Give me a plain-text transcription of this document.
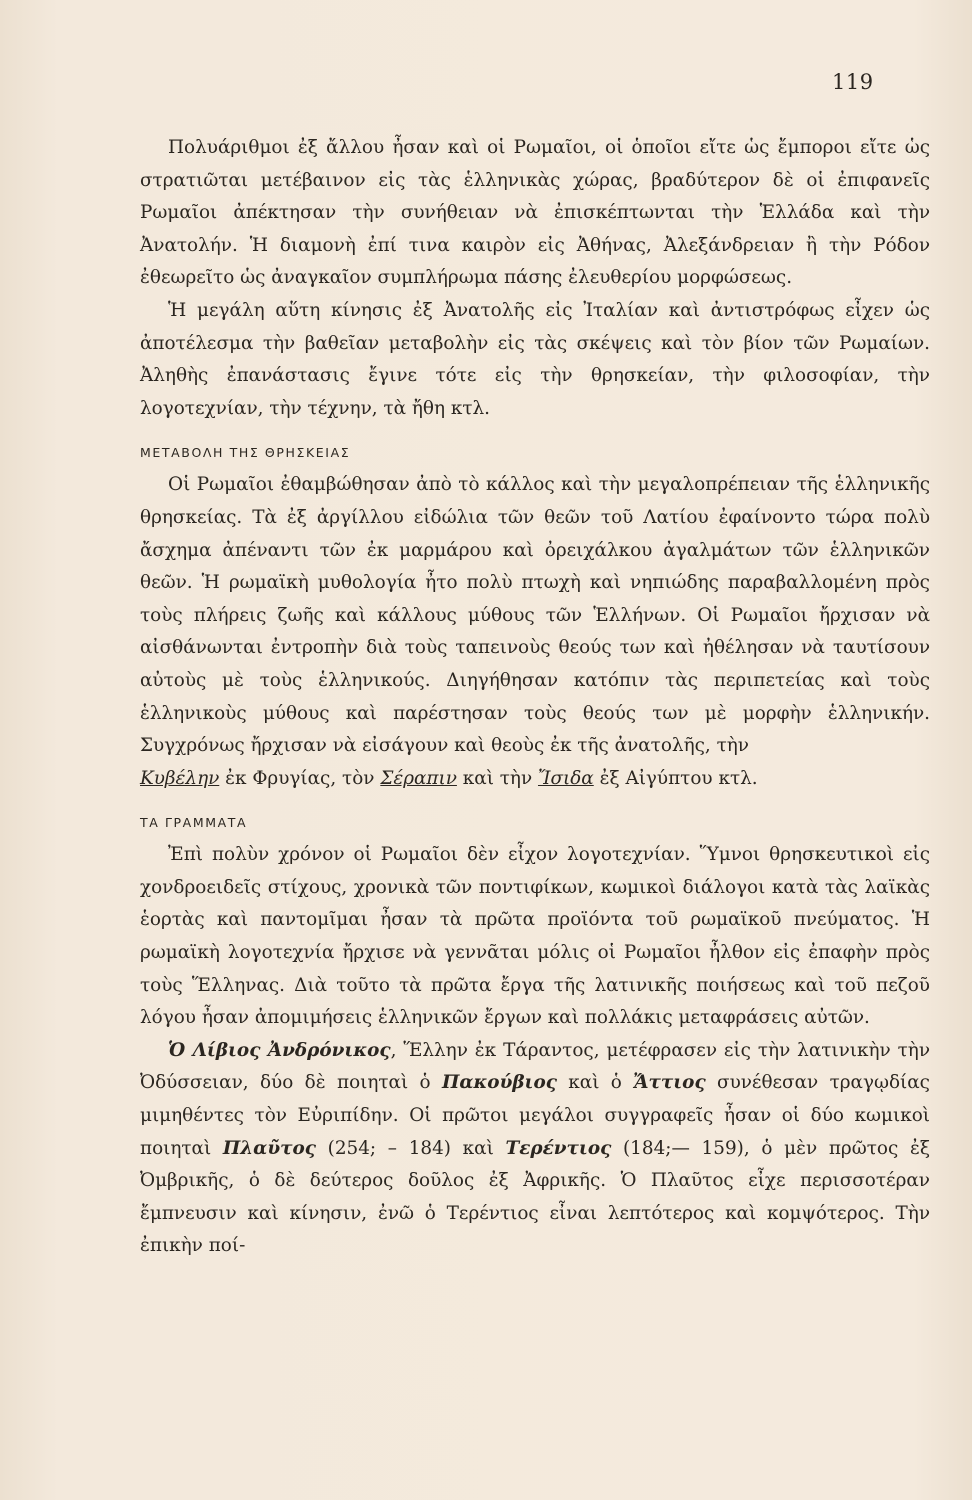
119

Πολυάριθμοι ἐξ ἄλλου ἦσαν καὶ οἱ Ρωμαῖοι, οἱ ὁποῖοι εἴτε ὡς ἔμποροι εἴτε ὡς στρατιῶται μετέβαινον εἰς τὰς ἑλληνικὰς χώρας, βραδύτερον δὲ οἱ ἐπιφανεῖς Ρωμαῖοι ἀπέκτησαν τὴν συνήθειαν νὰ ἐπισκέπτωνται τὴν Ἑλλάδα καὶ τὴν Ἀνατολήν. Ἡ διαμονὴ ἐπί τινα καιρὸν εἰς Ἀθήνας, Ἀλεξάνδρειαν ἢ τὴν Ρόδον ἐθεωρεῖτο ὡς ἀναγκαῖον συμπλήρωμα πάσης ἐλευθερίου μορφώσεως.

Ἡ μεγάλη αὕτη κίνησις ἐξ Ἀνατολῆς εἰς Ἰταλίαν καὶ ἀντιστρόφως εἶχεν ὡς ἀποτέλεσμα τὴν βαθεῖαν μεταβολὴν εἰς τὰς σκέψεις καὶ τὸν βίον τῶν Ρωμαίων. Ἀληθὴς ἐπανάστασις ἔγινε τότε εἰς τὴν θρησκείαν, τὴν φιλοσοφίαν, τὴν λογοτεχνίαν, τὴν τέχνην, τὰ ἤθη κτλ.

ΜΕΤΑΒΟΛΗ ΤΗΣ ΘΡΗΣΚΕΙΑΣ

Οἱ Ρωμαῖοι ἐθαμβώθησαν ἀπὸ τὸ κάλλος καὶ τὴν μεγαλοπρέπειαν τῆς ἑλληνικῆς θρησκείας. Τὰ ἐξ ἀργίλλου εἰδώλια τῶν θεῶν τοῦ Λατίου ἐφαίνοντο τώρα πολὺ ἄσχημα ἀπέναντι τῶν ἐκ μαρμάρου καὶ ὀρειχάλκου ἀγαλμάτων τῶν ἑλληνικῶν θεῶν. Ἡ ρωμαϊκὴ μυθολογία ἦτο πολὺ πτωχὴ καὶ νηπιώδης παραβαλλομένη πρὸς τοὺς πλήρεις ζωῆς καὶ κάλλους μύθους τῶν Ἑλλήνων. Οἱ Ρωμαῖοι ἤρχισαν νὰ αἰσθάνωνται ἐντροπὴν διὰ τοὺς ταπεινοὺς θεούς των καὶ ἠθέλησαν νὰ ταυτίσουν αὐτοὺς μὲ τοὺς ἑλληνικούς. Διηγήθησαν κατόπιν τὰς περιπετείας καὶ τοὺς ἑλληνικοὺς μύθους καὶ παρέστησαν τοὺς θεούς των μὲ μορφὴν ἑλληνικήν. Συγχρόνως ἤρχισαν νὰ εἰσάγουν καὶ θεοὺς ἐκ τῆς ἀνατολῆς, τὴν
Κυβέλην ἐκ Φρυγίας, τὸν Σέραπιν καὶ τὴν Ἴσιδα ἐξ Αἰγύπτου κτλ.

ΤΑ ΓΡΑΜΜΑΤΑ

Ἐπὶ πολὺν χρόνον οἱ Ρωμαῖοι δὲν εἶχον λογοτεχνίαν. Ὕμνοι θρησκευτικοὶ εἰς χονδροειδεῖς στίχους, χρονικὰ τῶν ποντιφίκων, κωμικοὶ διάλογοι κατὰ τὰς λαϊκὰς ἑορτὰς καὶ παντομῖμαι ἦσαν τὰ πρῶτα προϊόντα τοῦ ρωμαϊκοῦ πνεύματος. Ἡ ρωμαϊκὴ λογοτεχνία ἤρχισε νὰ γεννᾶται μόλις οἱ Ρωμαῖοι ἦλθον εἰς ἐπαφὴν πρὸς τοὺς Ἕλληνας. Διὰ τοῦτο τὰ πρῶτα ἔργα τῆς λατινικῆς ποιήσεως καὶ τοῦ πεζοῦ λόγου ἦσαν ἀπομιμήσεις ἑλληνικῶν ἔργων καὶ πολλάκις μεταφράσεις αὐτῶν.

Ὁ Λίβιος Ἀνδρόνικος, Ἕλλην ἐκ Τάραντος, μετέφρασεν εἰς τὴν λατινικὴν τὴν Ὀδύσσειαν, δύο δὲ ποιηταὶ ὁ Πακούβιος καὶ ὁ Ἄττιος συνέθεσαν τραγῳδίας μιμηθέντες τὸν Εὐριπίδην. Οἱ πρῶτοι μεγάλοι συγγραφεῖς ἦσαν οἱ δύο κωμικοὶ ποιηταὶ Πλαῦτος (254; – 184) καὶ Τερέντιος (184;— 159), ὁ μὲν πρῶτος ἐξ Ὀμβρικῆς, ὁ δὲ δεύτερος δοῦλος ἐξ Ἀφρικῆς. Ὁ Πλαῦτος εἶχε περισσοτέραν ἔμπνευσιν καὶ κίνησιν, ἐνῶ ὁ Τερέντιος εἶναι λεπτότερος καὶ κομψότερος. Τὴν ἐπικὴν ποί-
